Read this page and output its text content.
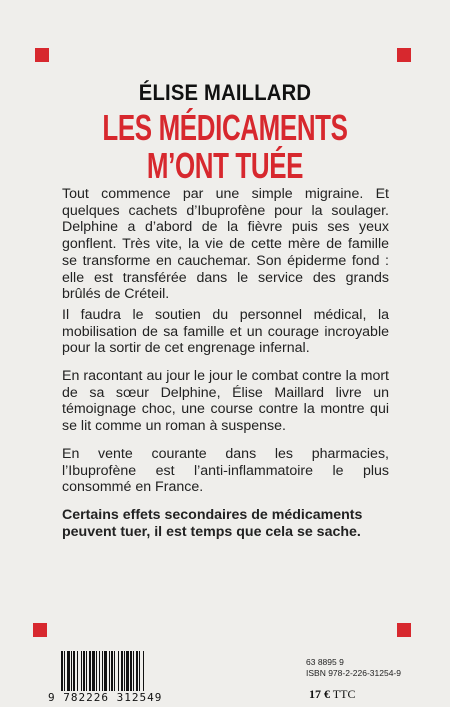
ÉLISE MAILLARD
LES MÉDICAMENTS
M’ONT TUÉE

Tout commence par une simple migraine. Et quelques cachets d’Ibuprofène pour la soulager. Delphine a d’abord de la fièvre puis ses yeux gonflent. Très vite, la vie de cette mère de famille se transforme en cauchemar. Son épiderme fond : elle est transférée dans le service des grands brûlés de Créteil.

Il faudra le soutien du personnel médical, la mobilisation de sa famille et un courage incroyable pour la sortir de cet engrenage infernal.

En racontant au jour le jour le combat contre la mort de sa sœur Delphine, Élise Maillard livre un témoignage choc, une course contre la montre qui se lit comme un roman à suspense.

En vente courante dans les pharmacies, l’Ibuprofène est l’anti-inflammatoire le plus consommé en France.

Certains effets secondaires de médicaments peuvent tuer, il est temps que cela se sache.

9 782226 312549
63 8895 9
ISBN 978-2-226-31254-9
17 € TTC
